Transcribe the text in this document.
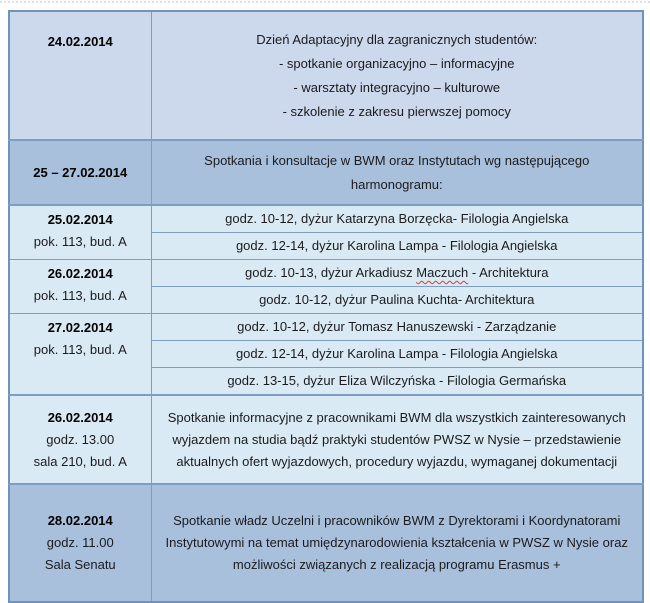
24.02.2014	Dzień Adaptacyjny dla zagranicznych studentów:
- spotkanie organizacyjno – informacyjne
- warsztaty integracyjno – kulturowe
- szkolenie z zakresu pierwszej pomocy

25 – 27.02.2014	Spotkania i konsultacje w BWM oraz Instytutach wg następującego harmonogramu:

25.02.2014
pok. 113, bud. A	godz. 10-12, dyżur Katarzyna Borzęcka- Filologia Angielska
	godz. 12-14, dyżur Karolina Lampa - Filologia Angielska

26.02.2014
pok. 113, bud. A	godz. 10-13, dyżur Arkadiusz Maczuch - Architektura
	godz. 10-12, dyżur Paulina Kuchta- Architektura

27.02.2014
pok. 113, bud. A	godz. 10-12, dyżur Tomasz Hanuszewski - Zarządzanie
	godz. 12-14, dyżur Karolina Lampa - Filologia Angielska
	godz. 13-15, dyżur Eliza Wilczyńska - Filologia Germańska

26.02.2014
godz. 13.00
sala 210, bud. A
	Spotkanie informacyjne z pracownikami BWM dla wszystkich zainteresowanych wyjazdem na studia bądź praktyki studentów PWSZ w Nysie – przedstawienie aktualnych ofert wyjazdowych, procedury wyjazdu, wymaganej dokumentacji

28.02.2014
godz. 11.00
Sala Senatu
	Spotkanie władz Uczelni i pracowników BWM z Dyrektorami i Koordynatorami Instytutowymi na temat umiędzynarodowienia kształcenia w PWSZ w Nysie oraz możliwości związanych z realizacją programu Erasmus +
